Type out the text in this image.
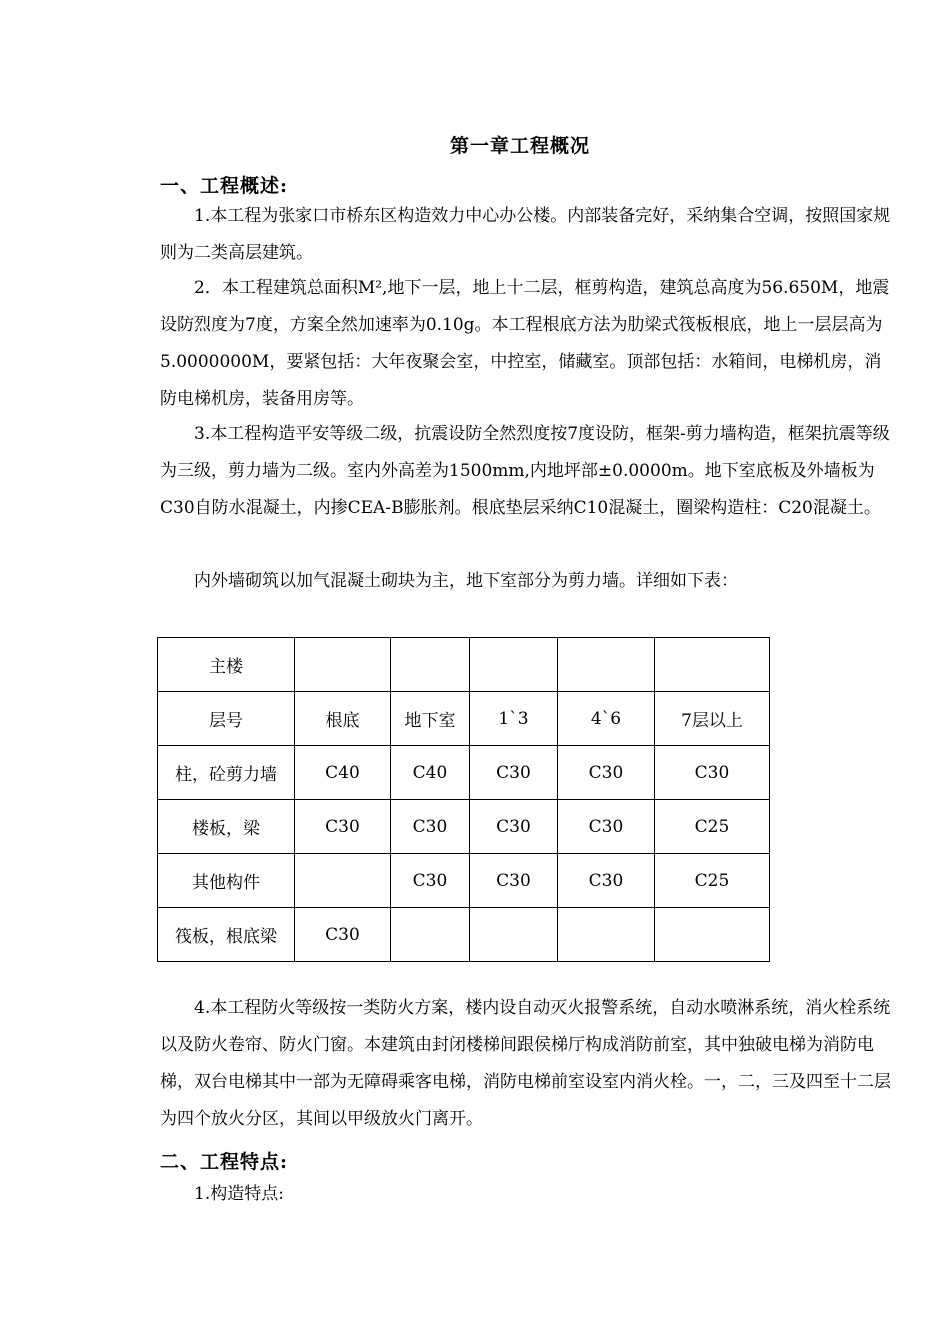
第一章工程概况
一、工程概述:

1.本工程为张家口市桥东区构造效力中心办公楼。内部装备完好，采纳集合空调，按照国家规则为二类高层建筑。

2．本工程建筑总面积M²,地下一层，地上十二层，框剪构造，建筑总高度为56.650M，地震设防烈度为7度，方案全然加速率为0.10g。本工程根底方法为肋梁式筏板根底，地上一层层高为5.0000000M，要紧包括：大年夜聚会室，中控室，储藏室。顶部包括：水箱间，电梯机房，消防电梯机房，装备用房等。

3.本工程构造平安等级二级，抗震设防全然烈度按7度设防，框架-剪力墙构造，框架抗震等级为三级，剪力墙为二级。室内外高差为1500mm,内地坪部±0.0000m。地下室底板及外墙板为C30自防水混凝土，内掺CEA-B膨胀剂。根底垫层采纳C10混凝土，圈梁构造柱：C20混凝土。

内外墙砌筑以加气混凝土砌块为主，地下室部分为剪力墙。详细如下表：

主楼					
层号	根底	地下室	1`3	4`6	7层以上
柱，砼剪力墙	C40	C40	C30	C30	C30
楼板，梁	C30	C30	C30	C30	C25
其他构件		C30	C30	C30	C25
筏板，根底梁	C30				

4.本工程防火等级按一类防火方案，楼内设自动灭火报警系统，自动水喷淋系统，消火栓系统以及防火卷帘、防火门窗。本建筑由封闭楼梯间跟侯梯厅构成消防前室，其中独破电梯为消防电梯，双台电梯其中一部为无障碍乘客电梯，消防电梯前室设室内消火栓。一，二，三及四至十二层为四个放火分区，其间以甲级放火门离开。

二、工程特点:

1.构造特点:
